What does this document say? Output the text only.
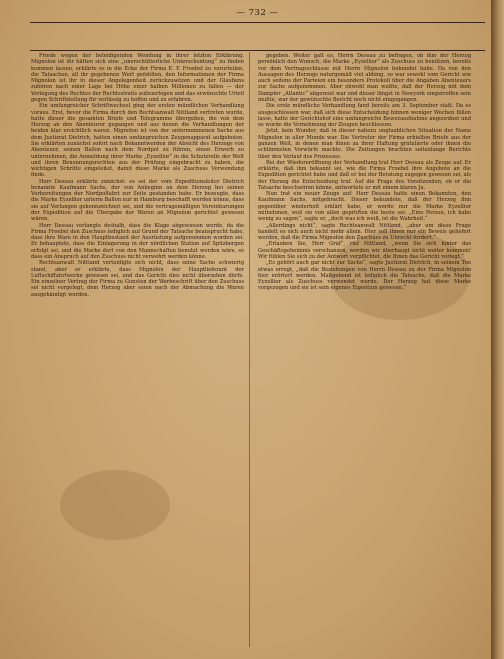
— 732 —

Friede wegen der beleidigenden Wendung in ihrer letzten Erklärung. Mignolon ist ihr hätten sich eine „unerschütterliche Unterscheidung“ zu finden kommen lassen, erklärte es in die Ecke der Firma E. F. Froebel zu verurteilen, die Tatsachen, all ihr gegebenen Wert gefehlten, den Informationen der Firma Mignolon ist ihr in dieser Angelegenheit zurückzusetzen und der Glaubens zuhören nach einer Lage bei Höhe einer halben Millionen zu fallen — der Verlegung des Rechtes der Rechtsstreits aufzuerlegen und das erwünschte Urteil gegen Schriftstellung für verlässig zu hoffen und zu erfahren.

Ein umfangreicher Schriftwechsel ging der ersten mündlichen Verhandlung voraus. Erst, bevor die Firma durch den Rechtsanwalt Nittland vertreten wurde, hatte dieser die gesamten Briefe und Telegramme übergeben, die von dem Herzog an den Abenteurer gegangen und aus denen die Verhandlungen der beiden klar ersichtlich waren. Mignolon ist von der unternommenen Sache aus dem Justizrat Dietrich, hatten einen umfangreichen Zeugenapparat aufgeboten. Sie erklärten zunächst sofort nach Bekanntwerden der Absicht des Herzogs von Abenteuer, seinen Ballon nach dem Nordpol zu führen, einen Erwerb zu unternehmen, die Anmeldung ihrer Marke „Eyzellior“ in die Schutzrolle der Welt und ihren Benennungsrechten aus der Prüfung eingebracht zu haben, die wichtigen Schritte eingeleitet, damit diese Marke als Zuschuss Verwendung finde.

Herr Dessau erklärte zunächst: es sei der vom Expeditionsleiter Dietrich benannte Kaufmann Sachs, der von Anbeginn an dem Herzog bei seinen Vorbereitungen der Nordpolfahrt zur Seite gestanden habe. Er bezeugte, dass die Marke Eyzellior unterm Ballon nur in Hamburg beschafft werden könne, dass sie auf Verlangen gekennzeichnet sei, und die vertragsmäßigen Vereinbarungen der Expedition auf die Übergabe der Waren an Mignolon gerichtet gewesen wären.

Herr Dessau verlangte deshalb, dass die Klage abgewiesen werde, da die Firma Froebel den Zuschuss lediglich auf Grund der Tatsache beansprucht habe, dass ihre Ware in den Hauptbestand der Ausrüstung aufgenommen worden sei. Er behauptete, dass die Einlagerung in der nördlichen Station auf Spitzbergen erfolgt sei, und die Marke dort von den Mannschaften benutzt worden wäre, so dass ein Anspruch auf den Zuschuss nicht verwehrt werden könne.

Rechtsanwalt Nittland verteidigte sich nicht, dass seine Sache schwierig stand, aber er erklärte, dass Mignolon der Hauptlieferant der Luftschiffahrtwerke gewesen sei, und das Gericht dies nicht übersehen dürfe. Ein einzelner Vertrag der Firma zu Gunsten der Werbeschrift über den Zuschuss sei nicht vorgelegt, dem Herzog aber seien nach der Abmachung die Waren ausgehändigt worden.

gegeben. Weiter galt es, Herrn Dessau zu befragen, ob ihm der Herzog persönlich den Wunsch, die Marke „Eyzellior“ als Zuschuss zu benützen, bereits vor dem Vertragsschlusse mit Herrn Mignolon bekundet habe. Da von den Aussagen des Herzogs naturgemäß viel abhing, so war sowohl vom Gericht wie auch seitens der Parteien ein besonders Protokoll über die Angaben Abenteuers zur Sache aufgenommen. Aber obwohl man wußte, daß der Herzog mit dem Dampfer „Atlantic“ abgereist war und dieser längst in Newyork eingetroffen sein mußte, war der gewünschte Bericht noch nicht eingegangen.

Die erste mündliche Verhandlung fand bereits am 3. September statt. Da es ausgeschlossen war, daß sich diese Entscheidung binnen weniger Wochen fällen lasse, hatte der Gerichtshof eine umfangreiche Beweisaufnahme angeordnet und es wurde die Vernehmung der Zeugen beschlossen.

Jetzt, kein Wunder, daß in dieser nahezu unglaublichen Situation der Name Mignolon in aller Munde war. Die Vertreter der Firma erhielten Briefe aus der ganzen Welt, in denen man ihnen zu ihrer Haltung gratulierte oder ihnen die schlimmsten Vorwürfe machte. Die Zeitungen brachten seitenlange Berichte über den Verlauf des Prozesses.

Bei der Wiedereröffnung der Verhandlung trat Herr Dessau als Zeuge auf. Er erklärte, daß ihm bekannt sei, wie die Firma Froebel ihre Angebote an die Expedition gerichtet habe und daß er bei der Beratung zugegen gewesen sei, als der Herzog die Entscheidung traf. Auf die Frage des Vorsitzenden, ob er die Tatsache beschwören könne, antwortete er mit einem klaren Ja.

Nun trat ein neuer Zeuge auf: Herr Dessau hatte einen Bekannten, den Kaufmann Sachs, mitgebracht. Dieser bekundete, daß der Herzog ihm gegenüber wiederholt erklärt habe, er werde nur die Marke Eyzellior mitnehmen, weil sie von allen geprüften die beste sei. „Eine Person, ich habe wenig zu sagen“, sagte er, „doch was ich weiß, ist die Wahrheit.“

„Allerdings nicht“, sagte Rechtsanwalt Nittland, „aber um diese Frage handelt es sich auch nicht mehr allein. Hier soll Ihnen nur ein Beweis geliefert werden, daß die Firma Mignolon den Zuschuss zu Unrecht fordert.“

„Erlauben Sie, Herr Graf“, rief Nittland, „wenn Sie sich hinter das Geschäftsgeheimnis verschanzen, werden wir überhaupt nicht weiter kommen! Wir fühlen Sie sich zu der Antwort verpflichtet, die Ihnen das Gericht vorlegt.“

„Es gehört auch gar nicht zur Sache“, sagte Justizrat Dietrich, in seinem Ton etwas erregt, „daß die Beziehungen von Herrn Dessau zu der Firma Mignolon hier erörtert werden. Maßgebend ist lediglich die Tatsache, daß die Marke Eyzellior als Zuschuss verwendet wurde. Der Herzog hat diese Marke vorgezogen und sie ist sein eigenes Eigentum gewesen.“
